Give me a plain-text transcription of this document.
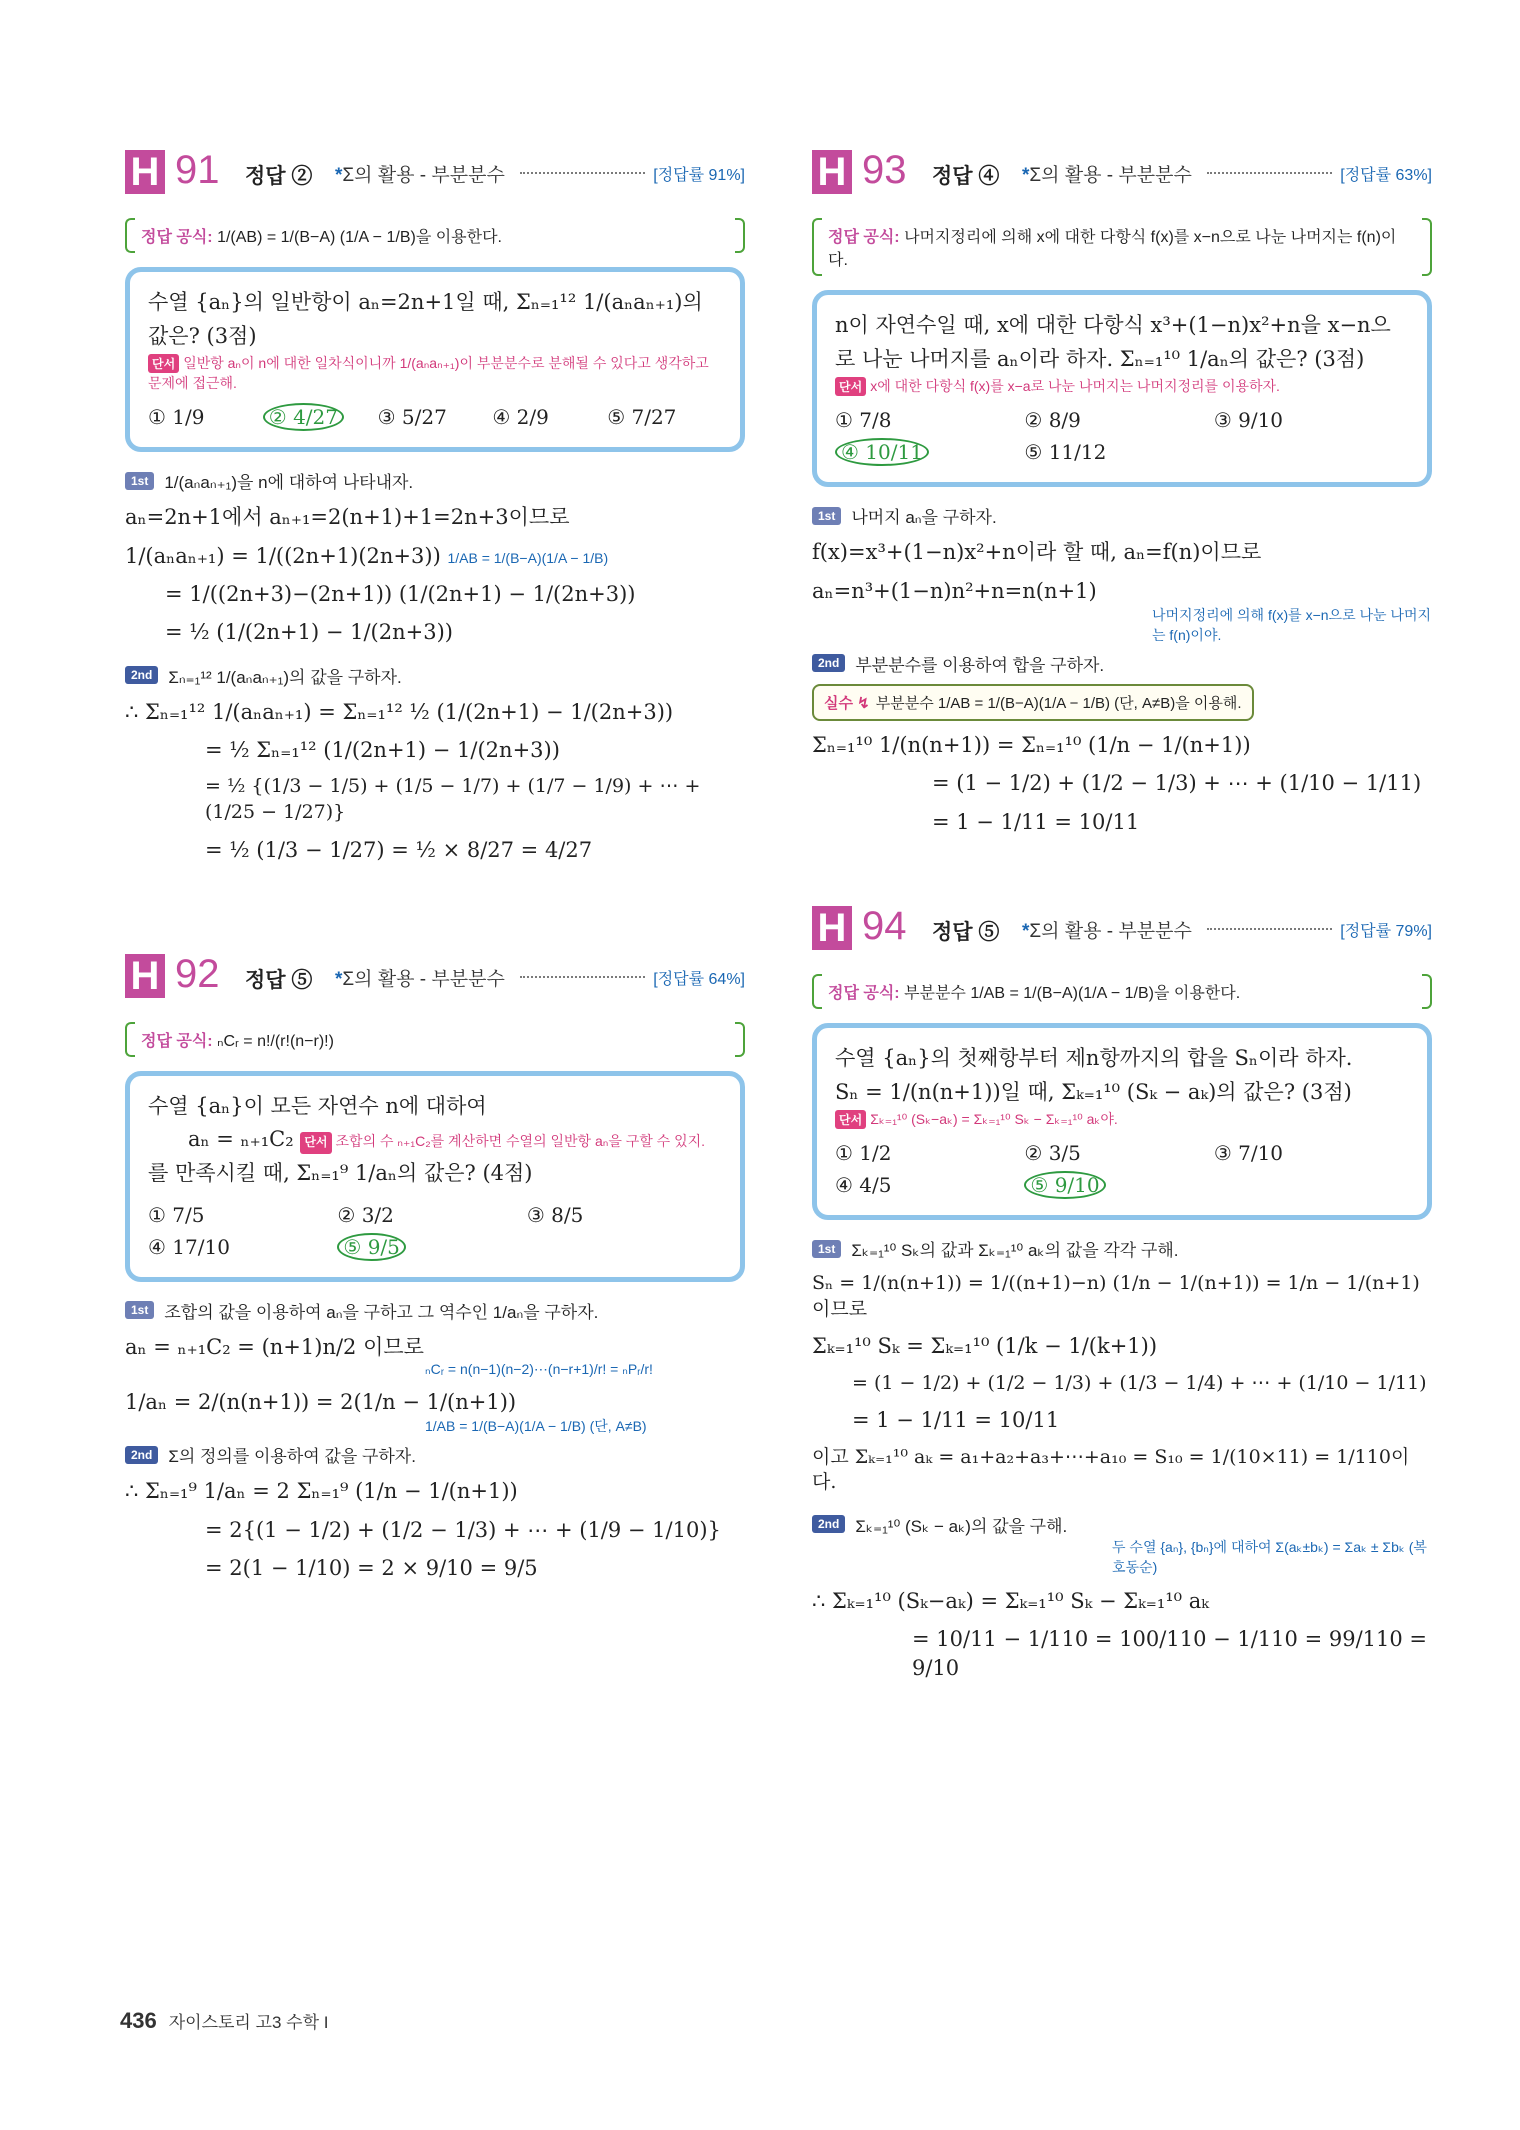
H 91 정답 ② *Σ의 활용 - 부분분수	[정답률 91%]
정답 공식: 1/(AB) = 1/(B−A) (1/A − 1/B)을 이용한다.
수열 {aₙ}의 일반항이 aₙ=2n+1일 때, Σₙ₌₁¹² 1/(aₙaₙ₊₁)의 값은? (3점)
단서 일반항 aₙ이 n에 대한 일차식이니까 1/(aₙaₙ₊₁)이 부분분수로 분해될 수 있다고 생각하고 문제에 접근해.
① 1/9	② 4/27	③ 5/27	④ 2/9	⑤ 7/27
1st 1/(aₙaₙ₊₁)을 n에 대하여 나타내자.
aₙ=2n+1에서 aₙ₊₁=2(n+1)+1=2n+3이므로
1/(aₙaₙ₊₁) = 1/((2n+1)(2n+3)) 1/AB = 1/(B−A)(1/A − 1/B)
= 1/((2n+3)−(2n+1)) (1/(2n+1) − 1/(2n+3))
= ½ (1/(2n+1) − 1/(2n+3))
2nd Σₙ₌₁¹² 1/(aₙaₙ₊₁)의 값을 구하자.
∴ Σₙ₌₁¹² 1/(aₙaₙ₊₁) = Σₙ₌₁¹² ½ (1/(2n+1) − 1/(2n+3))
= ½ Σₙ₌₁¹² (1/(2n+1) − 1/(2n+3))
= ½ {(1/3 − 1/5) + (1/5 − 1/7) + (1/7 − 1/9) + ⋯ + (1/25 − 1/27)}
= ½ (1/3 − 1/27) = ½ × 8/27 = 4/27
H 92 정답 ⑤ *Σ의 활용 - 부분분수	[정답률 64%]
정답 공식: ₙCᵣ = n!/(r!(n−r)!)
수열 {aₙ}이 모든 자연수 n에 대하여
aₙ = ₙ₊₁C₂ 단서 조합의 수 ₙ₊₁C₂를 계산하면 수열의 일반항 aₙ을 구할 수 있지.
를 만족시킬 때, Σₙ₌₁⁹ 1/aₙ의 값은? (4점)
① 7/5	② 3/2	③ 8/5
④ 17/10	⑤ 9/5
1st 조합의 값을 이용하여 aₙ을 구하고 그 역수인 1/aₙ을 구하자.
aₙ = ₙ₊₁C₂ = (n+1)n/2 이므로
ₙCᵣ = n(n−1)(n−2)⋯(n−r+1)/r! = ₙPᵣ/r!
1/aₙ = 2/(n(n+1)) = 2(1/n − 1/(n+1))
1/AB = 1/(B−A)(1/A − 1/B) (단, A≠B)
2nd Σ의 정의를 이용하여 값을 구하자.
∴ Σₙ₌₁⁹ 1/aₙ = 2 Σₙ₌₁⁹ (1/n − 1/(n+1))
= 2{(1 − 1/2) + (1/2 − 1/3) + ⋯ + (1/9 − 1/10)}
= 2(1 − 1/10) = 2 × 9/10 = 9/5
H 93 정답 ④ *Σ의 활용 - 부분분수	[정답률 63%]
정답 공식: 나머지정리에 의해 x에 대한 다항식 f(x)를 x−n으로 나눈 나머지는 f(n)이다.
n이 자연수일 때, x에 대한 다항식 x³+(1−n)x²+n을 x−n으로 나눈 나머지를 aₙ이라 하자. Σₙ₌₁¹⁰ 1/aₙ의 값은? (3점)
단서 x에 대한 다항식 f(x)를 x−a로 나눈 나머지는 나머지정리를 이용하자.
① 7/8	② 8/9	③ 9/10
④ 10/11	⑤ 11/12
1st 나머지 aₙ을 구하자.
f(x)=x³+(1−n)x²+n이라 할 때, aₙ=f(n)이므로
aₙ=n³+(1−n)n²+n=n(n+1)
나머지정리에 의해 f(x)를 x−n으로 나눈 나머지는 f(n)이야.
2nd 부분분수를 이용하여 합을 구하자.
실수 ↯ 부분분수 1/AB = 1/(B−A)(1/A − 1/B) (단, A≠B)을 이용해.
Σₙ₌₁¹⁰ 1/(n(n+1)) = Σₙ₌₁¹⁰ (1/n − 1/(n+1))
= (1 − 1/2) + (1/2 − 1/3) + ⋯ + (1/10 − 1/11)
= 1 − 1/11 = 10/11
H 94 정답 ⑤ *Σ의 활용 - 부분분수	[정답률 79%]
정답 공식: 부분분수 1/AB = 1/(B−A)(1/A − 1/B)을 이용한다.
수열 {aₙ}의 첫째항부터 제n항까지의 합을 Sₙ이라 하자.
Sₙ = 1/(n(n+1))일 때, Σₖ₌₁¹⁰ (Sₖ − aₖ)의 값은? (3점)
단서 Σₖ₌₁¹⁰ (Sₖ−aₖ) = Σₖ₌₁¹⁰ Sₖ − Σₖ₌₁¹⁰ aₖ야.
① 1/2	② 3/5	③ 7/10
④ 4/5	⑤ 9/10
1st Σₖ₌₁¹⁰ Sₖ의 값과 Σₖ₌₁¹⁰ aₖ의 값을 각각 구해.
Sₙ = 1/(n(n+1)) = 1/((n+1)−n) (1/n − 1/(n+1)) = 1/n − 1/(n+1)이므로
Σₖ₌₁¹⁰ Sₖ = Σₖ₌₁¹⁰ (1/k − 1/(k+1))
= (1 − 1/2) + (1/2 − 1/3) + (1/3 − 1/4) + ⋯ + (1/10 − 1/11)
= 1 − 1/11 = 10/11
이고 Σₖ₌₁¹⁰ aₖ = a₁+a₂+a₃+⋯+a₁₀ = S₁₀ = 1/(10×11) = 1/110이다.
2nd Σₖ₌₁¹⁰ (Sₖ − aₖ)의 값을 구해.
두 수열 {aₙ}, {bₙ}에 대하여 Σ(aₖ±bₖ) = Σaₖ ± Σbₖ (복호동순)
∴ Σₖ₌₁¹⁰ (Sₖ−aₖ) = Σₖ₌₁¹⁰ Sₖ − Σₖ₌₁¹⁰ aₖ
= 10/11 − 1/110 = 100/110 − 1/110 = 99/110 = 9/10
436 자이스토리 고3 수학 I
